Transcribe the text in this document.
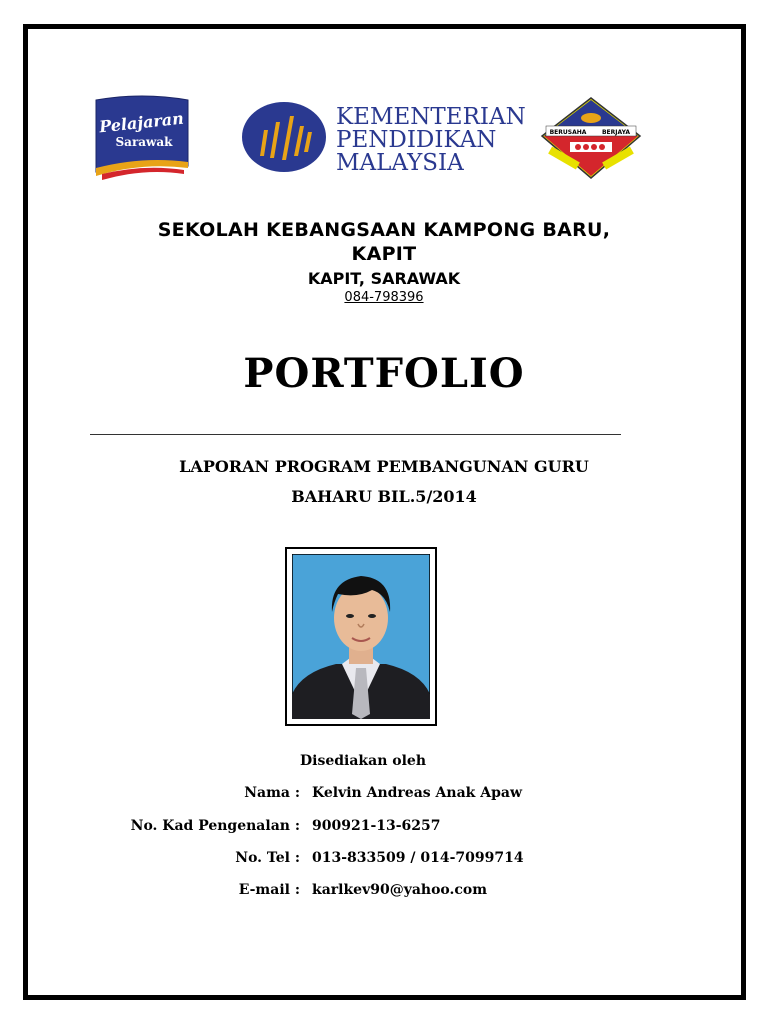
Pelajaran
Sarawak
KEMENTERIAN
PENDIDIKAN
MALAYSIA
BERUSAHA	BERJAYA
SEKOLAH KEBANGSAAN KAMPONG BARU,
KAPIT
KAPIT, SARAWAK
084-798396
PORTFOLIO
LAPORAN PROGRAM PEMBANGUNAN GURU
BAHARU BIL.5/2014
Disediakan oleh
Nama : Kelvin Andreas Anak Apaw
No. Kad Pengenalan : 900921-13-6257
No. Tel : 013-833509 / 014-7099714
E-mail : karlkev90@yahoo.com
